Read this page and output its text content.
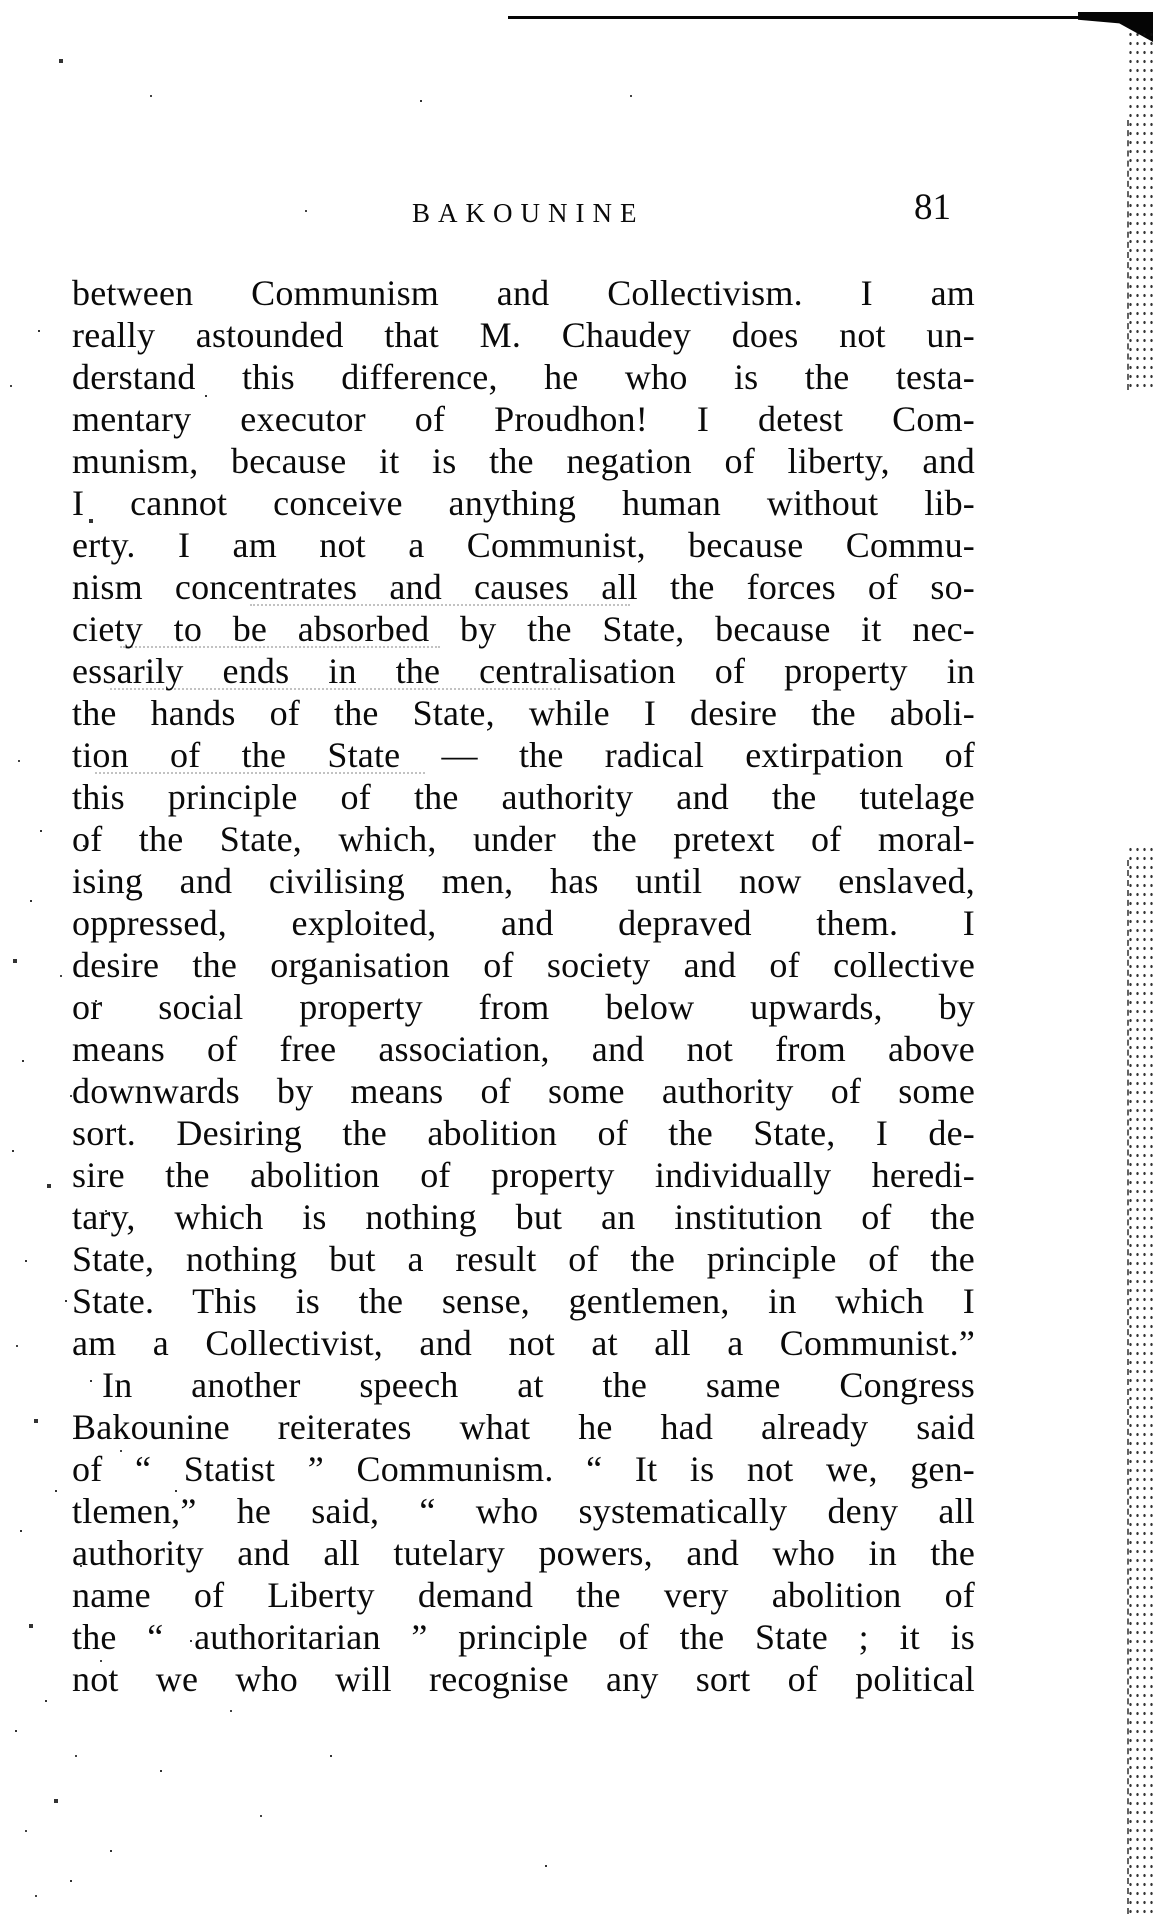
BAKOUNINE	81
between Communism and Collectivism. I am
really astounded that M. Chaudey does not un-
derstand this difference, he who is the testa-
mentary executor of Proudhon! I detest Com-
munism, because it is the negation of liberty, and
I cannot conceive anything human without lib-
erty. I am not a Communist, because Commu-
nism concentrates and causes all the forces of so-
ciety to be absorbed by the State, because it nec-
essarily ends in the centralisation of property in
the hands of the State, while I desire the aboli-
tion of the State — the radical extirpation of
this principle of the authority and the tutelage
of the State, which, under the pretext of moral-
ising and civilising men, has until now enslaved,
oppressed, exploited, and depraved them. I
desire the organisation of society and of collective
or social property from below upwards, by
means of free association, and not from above
downwards by means of some authority of some
sort. Desiring the abolition of the State, I de-
sire the abolition of property individually heredi-
tary, which is nothing but an institution of the
State, nothing but a result of the principle of the
State. This is the sense, gentlemen, in which I
am a Collectivist, and not at all a Communist.”
In another speech at the same Congress
Bakounine reiterates what he had already said
of “ Statist ” Communism. “ It is not we, gen-
tlemen,” he said, “ who systematically deny all
authority and all tutelary powers, and who in the
name of Liberty demand the very abolition of
the “ authoritarian ” principle of the State ; it is
not we who will recognise any sort of political
